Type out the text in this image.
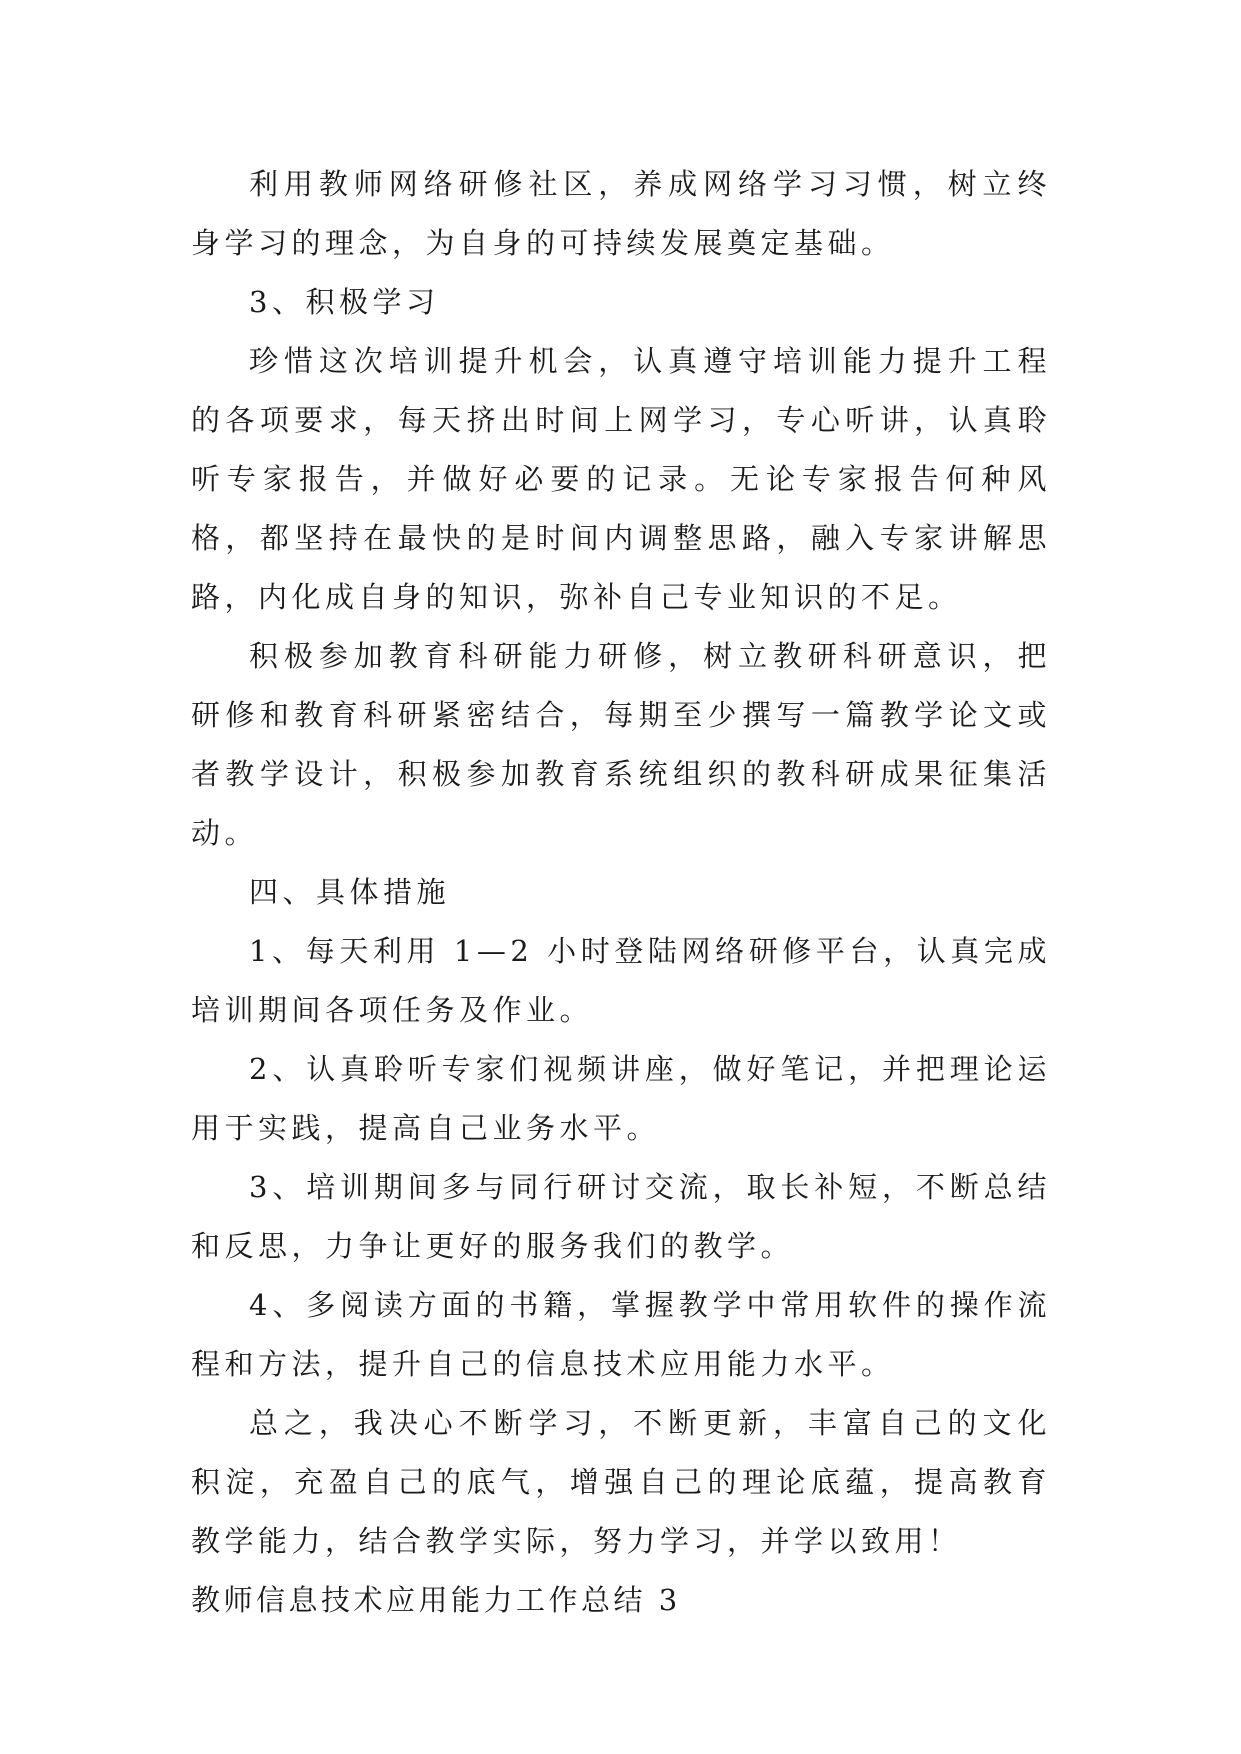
利用教师网络研修社区，养成网络学习习惯，树立终身学习的理念，为自身的可持续发展奠定基础。

3、积极学习

珍惜这次培训提升机会，认真遵守培训能力提升工程的各项要求，每天挤出时间上网学习，专心听讲，认真聆听专家报告，并做好必要的记录。无论专家报告何种风格，都坚持在最快的是时间内调整思路，融入专家讲解思路，内化成自身的知识，弥补自己专业知识的不足。

积极参加教育科研能力研修，树立教研科研意识，把研修和教育科研紧密结合，每期至少撰写一篇教学论文或者教学设计，积极参加教育系统组织的教科研成果征集活动。

四、具体措施

1、每天利用 1—2 小时登陆网络研修平台，认真完成培训期间各项任务及作业。

2、认真聆听专家们视频讲座，做好笔记，并把理论运用于实践，提高自己业务水平。

3、培训期间多与同行研讨交流，取长补短，不断总结和反思，力争让更好的服务我们的教学。

4、多阅读方面的书籍，掌握教学中常用软件的操作流程和方法，提升自己的信息技术应用能力水平。

总之，我决心不断学习，不断更新，丰富自己的文化积淀，充盈自己的底气，增强自己的理论底蕴，提高教育教学能力，结合教学实际，努力学习，并学以致用！

教师信息技术应用能力工作总结 3
